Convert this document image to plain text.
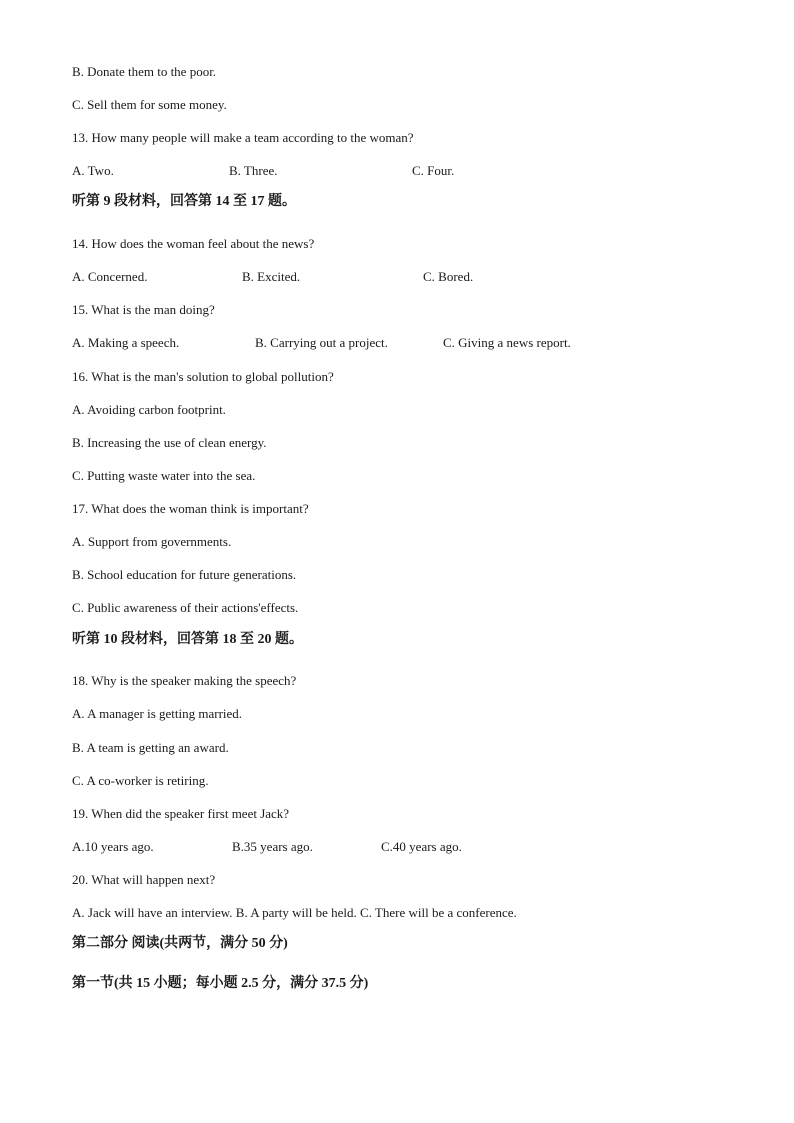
B. Donate them to the poor.
C. Sell them for some money.
13. How many people will make a team according to the woman?
A. Two.	B. Three.	C. Four.
听第 9 段材料，回答第 14 至 17 题。
14. How does the woman feel about the news?
A. Concerned.	B. Excited.	C. Bored.
15. What is the man doing?
A. Making a speech.	B. Carrying out a project.	C. Giving a news report.
16. What is the man's solution to global pollution?
A. Avoiding carbon footprint.
B. Increasing the use of clean energy.
C. Putting waste water into the sea.
17. What does the woman think is important?
A. Support from governments.
B. School education for future generations.
C. Public awareness of their actions'effects.
听第 10 段材料，回答第 18 至 20 题。
18. Why is the speaker making the speech?
A. A manager is getting married.
B. A team is getting an award.
C. A co-worker is retiring.
19. When did the speaker first meet Jack?
A.10 years ago.	B.35 years ago.	C.40 years ago.
20. What will happen next?
A. Jack will have an interview. B. A party will be held. C. There will be a conference.
第二部分 阅读(共两节，满分 50 分)
第一节(共 15 小题；每小题 2.5 分，满分 37.5 分)
